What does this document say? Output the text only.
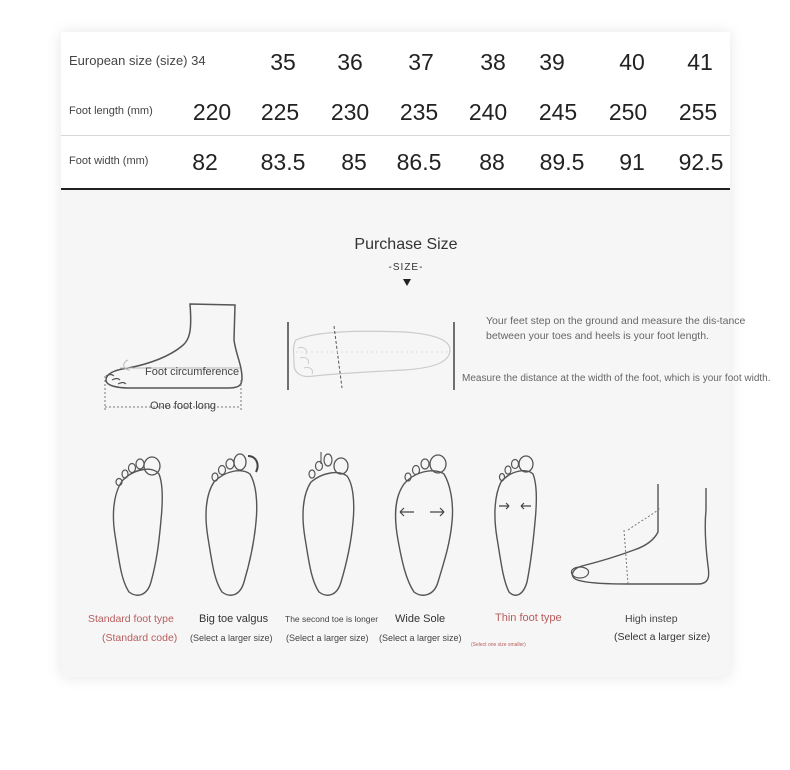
European size (size) 34	35	36	37	38	39	40	41
Foot length (mm)	220	225	230	235	240	245	250	255
Foot width (mm)	82	83.5	85	86.5	88	89.5	91	92.5
Purchase Size
-SIZE-
Foot circumference
One foot long
Your feet step on the ground and measure the dis-tance between your toes and heels is your foot length.
Measure the distance at the width of the foot, which is your foot width.
Standard foot type
(Standard code)
Big toe valgus
(Select a larger size)
The second toe is longer
(Select a larger size)
Wide Sole
(Select a larger size)
Thin foot type
(Select one size smaller)
High instep
(Select a larger size)
